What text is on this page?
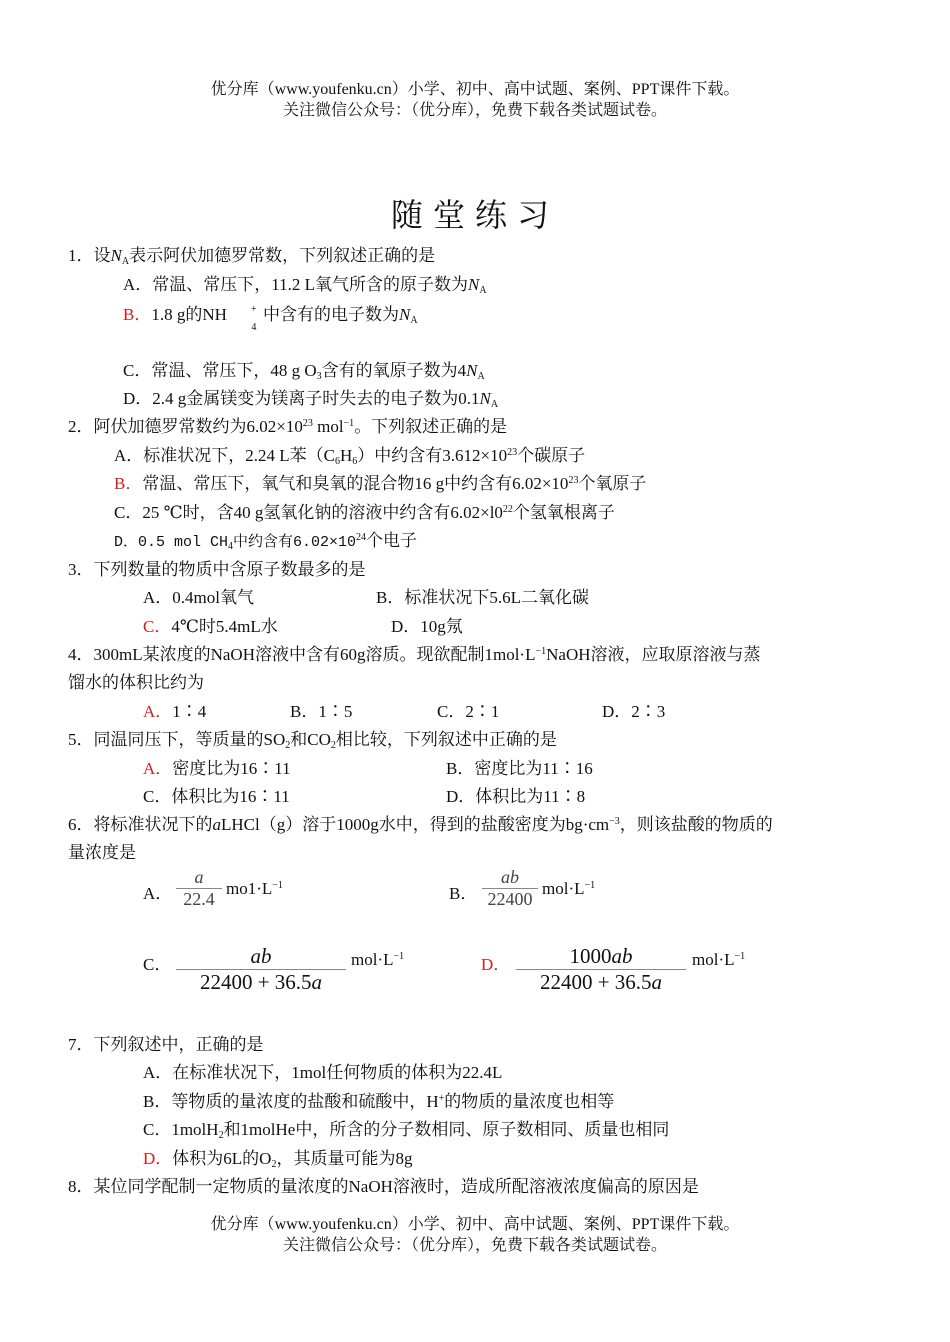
优分库（www.youfenku.cn）小学、初中、高中试题、案例、PPT课件下载。
关注微信公众号：（优分库），免费下载各类试题试卷。
随堂练习
1．设$N_A$表示阿伏加德罗常数，下列叙述正确的是
A．常温、常压下，11.2 L氧气所含的原子数为$N_A$
B．1.8 g的NH +
4
中含有的电子数为$N_A$
C．常温、常压下，48 g $O_3$含有的氧原子数为$4N_A$
D．2.4 g金属镁变为镁离子时失去的电子数为$0.1N_A$
2．阿伏加德罗常数约为$6.02\times 10^{23}$ mol$^{-1}$。下列叙述正确的是
A．标准状况下，2.24 L苯$(C_6H_6)$中约含有$3.612\times 10^{23}$个碳原子
B．常温、常压下，氧气和臭氧的混合物16 g中约含有$6.02\times 10^{23}$个氧原子
C．25 ℃时，含40 g氢氧化钠的溶液中约含有$6.02\times l0^{22}$个氢氧根离子
D．0.5 mol $CH_4$中约含有$6.02\times 10^{24}$个电子
3．下列数量的物质中含原子数最多的是
A．0.4mol氧气	B．标准状况下5.6L二氧化碳
C．4℃时5.4mL水	D．10g氖
4．300mL某浓度的NaOH溶液中含有60g溶质。现欲配制$1mol\cdot L^{-1}NaOH$溶液，应取原溶液与蒸
馏水的体积比约为
A．1∶4	B．1∶5	C．2∶1	D．2∶3
5．同温同压下，等质量的$SO_2$和$CO_2$相比较，下列叙述中正确的是
A．密度比为16∶11	B．密度比为11∶16
C．体积比为16∶11	D．体积比为11∶8
6．将标准状况下的aLHCl（g）溶于1000g水中，得到的盐酸密度为$bg\cdot cm^{-3}$，则该盐酸的物质的
量浓度是
A．
a
22.4
$mo1\cdot L^{-1}$	B．
ab
22400
$mol\cdot L^{-1}$
C．	ab
22400 + 36.5a
$mol\cdot L^{-1}$	D．	1000ab
22400 + 36.5a
$mol\cdot L^{-1}$
7．下列叙述中，正确的是
A．在标准状况下，1mol任何物质的体积为22.4L
B．等物质的量浓度的盐酸和硫酸中，H+的物质的量浓度也相等
C．1molH$_2$和1molHe中，所含的分子数相同、原子数相同、质量也相同
D．体积为6L的$O_2$，其质量可能为8g
8．某位同学配制一定物质的量浓度的NaOH溶液时，造成所配溶液浓度偏高的原因是
优分库（www.youfenku.cn）小学、初中、高中试题、案例、PPT课件下载。
关注微信公众号：（优分库），免费下载各类试题试卷。
